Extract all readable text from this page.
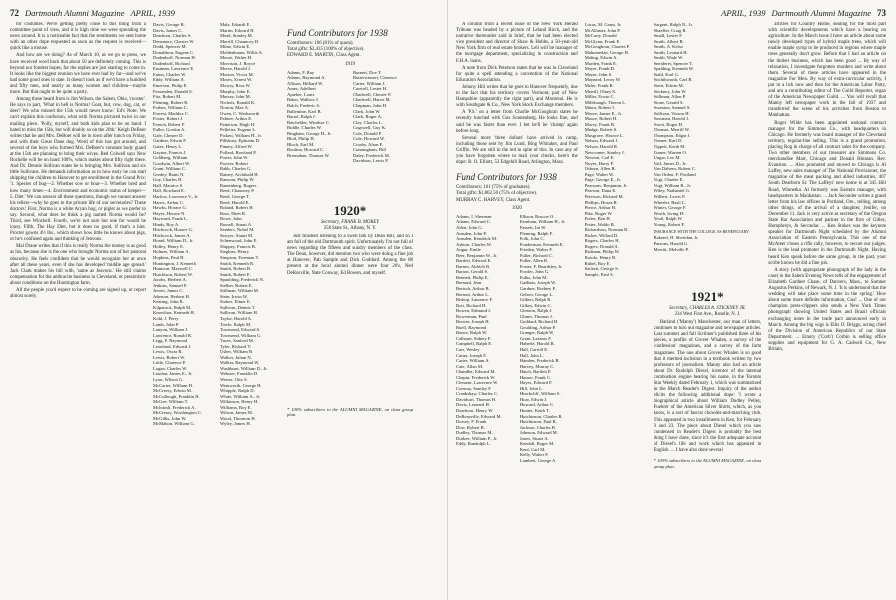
72 Dartmouth Alumni Magazine APRIL, 1939

for costumes. We're getting pretty close to this thing from a committee point of view, and it is high time we were spreading the news around. It is a noticeable fact that the sentiments we sent home with an other dope requested as soon as the request is received—quick like a mouse.

And how are we doing? As of March 10, as we go to press, we have received word back that about 50 are definitely coming. This is beyond our fondest hopes, for the replies are just starting to come in. It looks like the biggest reunion we have ever had by far—and we've had some good ones to date. It doesn't look as if we'd have a hundred and fifty men, and nearly as many women and children—maybe more. But that ought to be quite a party.

Among those heard from is Jim Wilson, the Salem, Ohio, 'rooster'. He says in part, 'What in hell is Norma! Goat, but, cow, dog, cat, or deer? We who missed the 15th would never know.' Ed's Note: We can't explain this confusion, what with Norma pictured twice in our mailing piece. 'Polly, myself, and both kids plan to be on hand. I hated to miss the 15th, but will doubly so on the 20th.' Keigh DeBoer writes that he and Mrs. DeBoer will be in town after lunch on Friday, and with their Great Dane dog. Word of this has got around, and several of the boys who formed Mrs. DeBoer's constant body guard at the 15th are planning to bring their wives. Red Colwell says New Rochelle will be on hand 100%, which makes about fifty right there. And Dr. Dennie Sullivan states he is bringing Mrs. Sullivan and six little Sullivans. He demands information as to how early he can start shipping the children to Hanover to get enrollment in the Grand Prix: '1. Species of bug—2. Whether sow or boar—3. Whether bred and how many times—4. Environment and economic status of keeper—5. Diet.' We can answer all these questions, though we cannot answer his tellers—why he goes to the private life of our secretaries? These doctors! First, Norma is a white Aryan hog, or piglet as we prefer to say. Second, what does he think a pig named Norma would be? Third, see Winchell. Fourth, we're not sure but one for would be lousy. Fifth, The Hay Diet, but it does no good, if that's a hint. Procter gowns 4½ lbs., which shows how little he knows about pigs, or he's confused again and thinking of Jeavons.

Mal Drane writes that if this is really Norma the money is as good as his, because she is the one who brought Norma out of her pastoral obscurity. He feels confident that he would recognize her at once after all these years, even if she has developed 'middle age spread.' Jack Clark makes his bill with, 'same as Jeavons.' He still claims compensation for the anthracite business in Cleveland, or pessimistic about conditions on the Huntington farm.

All the people you'd expect to be coming are signed up, or report almost surely.

Davis, George B.
Davis, James C.
Dearborn, Charles S.
Densmore, Chester W.
Dodd, Spencer M.
Donaldson, Eugene C.
Dudenhoff, Norman H.
Dudenhoff, Richard
Eastman, Lawrence E.
Eaton, Charles W.
Eddy, William A.
Emerson, Philip E.
Fessenden, Donald S.
Fitz, Robert M.
Fleming, Robert R.
Forbes, William C.
Forrest, Maddox C.
Foster, Robert J.
French, Robert F.
Fuller, Gordon A.
Gale, Chester D.
Gardner, Edwin F.
Gates, Henry L.
Gaynor, Francis J.
Goldberg, William
Goodwin, Albert W.
Grant, William C.
Gredey, Brant N.
Guy, Charles H.
Hall, Maurice S.
Hall, Rowland E.
Harlow, Lawrence V., Jr.
Harris, Arthur C.
Hawks, Horace G.
Hayes, Horace N.
Hayward, Frank L.
Hinds, Roy A.
Hitchcock, Horace G.
Hitchcock, James A.
Hoard, William D., Jr.
Holley, Henry E.
Holmes, William A.
Hopkins, Paul H.
Huntington, J. Kenneth
Huntoon, Maxwell C.
Hutchison, Robert W.
Jacobs, Herbert A.
Jenkins, Samuel F.
Jewett, James C.
Johnson, Herbert H.
Keating, John R.
Kilpatrick, Ralph M.
Knowlton, Kenneth H.
Kohl, J. Perry
Lamb, John P.
Lanyon, William J.
Lawrence, Ronald R.
Legg, F. Raymond
Leonhard, Edward J.
Lewis, Oscar R.
Lewis, Robert W.
Little, Clarence P.
Logan, Charles W.
Loudon, James E., Jr.
Lyon, Wilson G.
McCarter, William H.
McCreery, Edwin M.
McCullough, Franklin H.
McGee, William T.
Mclntosh, Frederick A.
McCreary, Worthington C.
McGillis, John W.
McMahon, William G.
Malz, Erhardt E.
Martin, Edward H.
Mead, Stanley M.
Merrill, Chauncey D.
Milne, Edwin E.
Moldenhauer, Willis A.
Moore, Walter H.
Morrison, J. Royce
Morse, Harold J.
Morton, Victor M.
Moses, Ernest W.
Mowry, Ross W.
Murphy, John E.
Murray, John M.
Nichols, Ronald K.
Norton, Max A.
Owen, C. Wadsworth
Palmer, Arthur E.
Patterson, Hugh H.
Pelletier, Eugene L.
Pickett, William H., Jr.
Pillsbury, Ephraim D.
Pinney, Alfred W.
Pollard, Rowland P.
Porter, John W.
Procter, Robert
Rabb, Charles G.
Rainey, Archibald H.
Ransom, Philip W.
Rautenberg, Rogers
Reed, Chauncey P.
Reed, George T.
Reed, Harold E.
Roland, Robert H.
Ross, Eben R.
Rowe, John
Russell, Stuart A.
Sanders, Nobel M.
Sawyer, Stuart M.
Schenwood, John E.
Shippey, Francis B.
Sieghier, Henry
Simpson, Freeman T.
Smith, Kenneth R.
Smith, Robert B.
Smith, Robert E.
Spaulding, Frederick N.
Stelher, Robert E.
Stillman, William M.
Stein, Irwin W.
Stokes, Elmer E.
Sullivan, Dennis T.
Sullivan, William H.
Taylor, Harold A.
Towle, Ralph M.
Townsend, Edward S.
Townsend, William G.
Truex, Sanford M.
Tyler, Richard V.
Usher, William B.
Walker, Julian N.
Walker, Raymond W.
Washburn, William D., Jr.
Webster, Franklin D.
Weiser, Otto S.
Wentworth, George H.
Whipple, Ralph D.
White, William A., Jr.
Wilkinson, Henry H.
Williams, Roy E.
Wilson, James M.
Wood, Thornton H.
Wyley, James H.
Fund Contributors for 1938
Contributors: 166 (81% of quota).
Total gifts: $2,435 (100% of objective).
EDWARD E. MARTIN, Class Agent.
1919
Adams, F. Ray
Adams, Raymond A.
Allison, Hilliard W.
Ames, Adelbert
Apteker, Louis
Baker, Wallace J.
Balch, Frederic S.
Ballentine, Karl B.
Bartol, Ralph J.
Batchelder, Windsor C.
Biddle, Charles W.
Bingham, George H., Jr.
Blod, Philip H.
Bloch, Earl M.
Boulton, Howard C.
Bresnahan, Thomas W.
Burnett, Dov T.
Butterwinsert, Clarence
Carter, William J.
Caswell, Lester H.
Chadwell, Chester F.
Chadwell, Harris M.
Chapman, John H.
Clark, John W.
Clark, Roger A.
Clay, Charles L.
Cogswell, Guy K.
Cole, Donald P.
Cole, Howard W.
Crosby, Alton F.
Cunningham, Bill
Daley, Frederick M.
Davidson, Lewis P.
1920*
Secretary, FRANK B. MOREY
258 State St., Albany, N. Y.

Just finished listening to a swell talk by Dean Bill, and so I am full of the old Dartmouth spirit. Unfortunately I'm not full of news regarding the fifteen and sundry members of the class. The Dean, however, did mention two who were doing a fine job at Hanover, Pab Sample and Dick Goddard. Among the 88 present at the local alumni dinner were four 20's, Ned DeRosville, Nate Conway, Ed Bowen, and myself.

* 100% subscribers to the ALUMNI MAGAZINE, on class group plan.
APRIL, 1939 Dartmouth Alumni Magazine 73

A column from a recent issue of the New York Herald Tribune was headed by a picture of Leland Birch, and the narrative thereunder said in brief, that he had been elected vice president and director of Shaw & Hobbs, a 50-year-old New York firm of real estate brokers. Lell will be manager of the mortgage department, specializing in construction and F.H.A. loans.

A note from Dick Peterson states that he was in Cleveland for quite a spell attending a convention of the National Education Association.

Johnny Hill writes that he goes to Hanover frequently, due to the fact that his territory covers Vermont, part of New Hampshire (apparently the right part), and Montreal. He is with Southgate & Co., New York Stock Exchange members.

A 'P.S.' on a letter from Charlie McGoughran states he recently lunched with Gus Sonnenberg. He looks fine, and said he was faster than ever. I bet he'll be 'champ' again before long.

Several more 'three dollars' have arrived in camp, including those sent by Jim Lund, Bing Whitaker, and Paul Griffin. We are still in the red in spite of this. In case any of you have forgotten where to mail your checks, here's the dope: R. O. Elliott, 53 Edgehill Road, Arlington, Mass.

Fund Contributors for 1938
Contributors: 161 (75% of graduates).
Total gifts: $1,862.50 (75% of objective).
MURRAY C. HARVEY, Class Agent.
1920
Adams, I. Sherman
Adams, Edward C.
Allen, John G.
Amsden, John P.
Amsden, Kendrick M.
Ashton, Charles W.
Augur, Emile
Beer, Benjamin W., Jr.
Bartlett, Edward E.
Barnes, Aldrich B.
Barton, Gerald S.
Bennett, Philip E.
Bernard, Jean
Bertsch, Arthur B.
Bertoni, Arthur L.
Bishop, Laurence F.
Bott, Richard H.
Bowen, Edmund J.
Bowerman, Paul
Brewer, Joseph H.
Buell, Raymond
Bunce, Ralph W.
Calhoun, Sidney F.
Campbell, Ralph E.
Carr, Wesley
Carter, Joseph F.
Carter, William A.
Cate, Allan M.
Chandler, Edward M.
Chapin, Frederick W.
Clement, Lawrence W.
Conway, Stanley F.
Crankshaw, Charles C.
Davidson, Thomas H.
Davis, Leonard H.
Dearborn, Henry W.
DeRoseville, Edward M.
Dorsey, F. Frank
Dow, Robert B.
Dudley, Thomas M.
Durkee, William P., Jr.
Eddy, Randolph L.
Ellison, Roscoe O.
Farnham, William H., Jr.
Fassett, Ira W.
Fleming, Ralph F.
Folk, John C.
Fonderman, Kenneth E.
Frieden, Walter F.
Fuller, Richard C.
Fuller, Allen R.
Foster, F. Beardsley, Jr.
Fowler, John G.
Fulks, John M.
Gadbois, Joseph W.
Gardner, Rodney P.
Gelsen, George L.
Gilbert, Ralph R.
Gilkey, Edwin C.
Gleason, Ralph J.
Glines, Thomas J.
Goddard, Richard H.
Goulding, Arthur F.
Granger, Ralph W.
Grant, Lazarus F.
Haberle, Harold R.
Hall, Carroll E.
Hall, John L.
Hamlen, Frederick R.
Harvey, Murray C.
Hatch, Bartlett P.
Hauser, Frank C.
Hayes, Edward F.
Hill, John L.
Hinchcliff, William S.
Hoar, Edwin J.
Howard, Arthur C.
Hunter, Keith T.
Hutchinson, Charles R.
Hutchinson, Paul R.
Jackson, Charles R.
Johnson, Edward M.
Jones, Stuart A.
Kendall, Roger M.
Kent, Carl M.
Kelly, Walter F.
Lambert, George A.
Lucas, M. Grant, Jr.
McAllaster, John P.
McCarty, Donald
McGlynn, Frank E.
McGoughran, Charles P.
Mahomedan, George H.
Maling, Edwin A.
Marden, Frank E.
Mayer, Frank D.
Mayer, John S.
Maynard, Leroy W.
Meier, Frank R.
Merrill, Olney S.
Miller, Erwin C.
Millsbaugh, Theron L.
Minor, Robert J.
Moore, James E., Jr.
Moore, Robert H.
Morey, Frank B.
Mudge, Robert S.
Musgrave, Horace L.
Nelson, Edward J.
Nelson, Harold R.
Newcomer, Stanley J.
Newton, Carl E.
Noyes, Harry F.
Osborn, Allen R.
Page, Walter W.
Page, George E., Jr.
Pearsons, Benjamin, Jr.
Pearson, Dana E.
Peterson, Richard M.
Phillips, Hosea R.
Pierce, Arthur H.
Pike, Roger W.
Potter, Ben H.
Potter, Waldo B.
Richardson, Norman B.
Ricker, Willard D.
Rogers, Charles H.
Rogers, Donald A.
Rodman, Philip W.
Rotolo, Henry B.
Rubel, Roy E.
Sackett, George S.
Sample, Paul S.
Sargent, Ralph N., Jr.
Shaeffer, Craig R.
Small, Lester F.
Smith, Albert B.
Smith, A. Kelso
Smith, Leonard H.
Smith, Wade W.
Sneiderer, Spencer T.
Spalding, Kenneth W.
Stahl, Karl G.
Stichthwarth, Carl R.
Stern, Edwin M.
Stickney, John W.
Stillman, Allen P.
Stone, Gerald S.
Swanton, Samuel S.
Sullivan, Vinson H.
Sussman, Harold J.
Swett, Roger H.
Thomas, Merrill W.
Thompson, Edgar J.
Tiemer, Karl D.
Tippett, Keith M.
Turner, Warren O.
Ungar, Leo M.
Vail, James D., Jr.
Van Dalsem, Robert C.
Van Orden, F. Portland
Vogt, Charles E.
Vogt, William R., Jr.
Wiley, Nathaniel G.
Wilbert, Lewis P.
Wheeler, Basil L.
Winter, George F.
Worth, Irving H.
Yeuil, Ralph W.
Young, Robert F.
INSURANCE WITH THE COLLEGE AS BENEFICIARY
Bakerel, H. Sheridan, Jr.
Parsons, Harold G.
Merritt, Melville P.
1921*
Secretary, CHARLES A. STICKNEY JR.
234 West First Ave., Roselle, N. J.

Harland ('Manny') Manchester, our man of letters, continues to turn out magazine and newspaper articles. Last summer and fall Scribner's published three of his pieces, a profile of Grover Whalen, a survey of the 'confession' magazines, and a survey of the farm magazines. The one about Grover Whalen is so good that it merited inclusion in a textbook written by two professors of journalism. Manny also had an article about Dr. Rudolph Diesel, inventor of the internal combustion engine bearing his name, in the Toronto Star Weekly dated February 1, which was summarized in the March Reader's Digest. Inquiry of the author elicits the following additional dope: 'I wrote a biographical article about William Dudley Pelley, Fuehrer of the American Silver Shirts, which, as you know, is a sort of fascist chowder-and-marching club. This appeared in two installments in Ken, for February 9 and 23. The piece about Diesel which you saw condensed in Reader's Digest is probably the best thing I have done, since it's the first adequate account of Diesel's life and work which has appeared in English. ... I have also done several

* 100% subscribers to the ALUMNI MAGAZINE, on class group plan.

articles for Country Home, dealing for the most part with scientific developments which have a bearing on agriculture. In the March issue I have an article about some newly developed types of hybrid maple trees, which will enable maple syrup to be produced in regions where maple trees generally don't grow. Before that I had an article on the timber business, which has been good ... By way of relaxation, I investigate forgotten murders and write about them. Several of these articles have appeared in the magazine For Men. By way of extra-curricular activity, I put in a lick now and then for the American Labor Party, and am a contributing editor of The Guild Reporter, organ of the American Newspaper Guild. ... You will recall that Manny left newspaper work in the fall of 1937 and transferred the scene of his activities from Boston to Manhattan.

Roger Wilde has been appointed national contract manager for the Simmons Co., with headquarters in Chicago. He formerly was board manager of the Cleveland territory, regular-line selling. This is a grand promotion, placing Rog in charge of all contract sales for the company. Two other members of our treasurer are Simmons Co. merchandise Mart, Chicago and Donald Hinman. Rev. Evanston. ... Also promoted and moved to Chicago is Al Laffey, new sales manager of The National Provisioner, the magazine of the meat packing and allied industries, 407 South Dearborn St. The Laffeys' new home is at 345 Hill Road, Winnetka. Al formerly was Eastern manager, with headquarters in Manhattan. ... Jack Seconder writes a grand letter from his law offices in Portland, Ore., telling, among other things, of the arrival of a daughter, Jenifer, on December 11. Jack is very active as secretary of the Oregon State Bar Association and partner in the firm of Gilley, Humphreys, & Secondar. ... Ken Stokes was the keynote speaker for Dartmouth Night scheduled by the Alumni Association of Eastern Pennsylvania. This one of the McAteer closes a rifle rally, however, to secure our judges. Ken is the lead promoter in the Dartmouth Night. Having heard Ken speak before the same group, in the past, your scribe knows he did a fine job.

A story (with appropriate photograph of the lady in the case) in the Salem Evening News tells of the engagement of Elizabeth Gardner Chase, of Danvers, Mass., to Sumner Augustus Perkins, of Newark, N. J. 'It is understood that the wedding will take place some time in the spring.' How about some more definite information, Gus! ... One of our champion press-clippers also sends a New York Times photograph showing United States and Brazil officials exchanging notes in the trade pact announced early in March. Among the big wigs is Ellis O. Briggs, acting chief of the Division of American Republics of our State Department. ... Emory ('Corb') Corbin is selling office supplies and equipment for G. A. Cadwell Co., New Britain,
